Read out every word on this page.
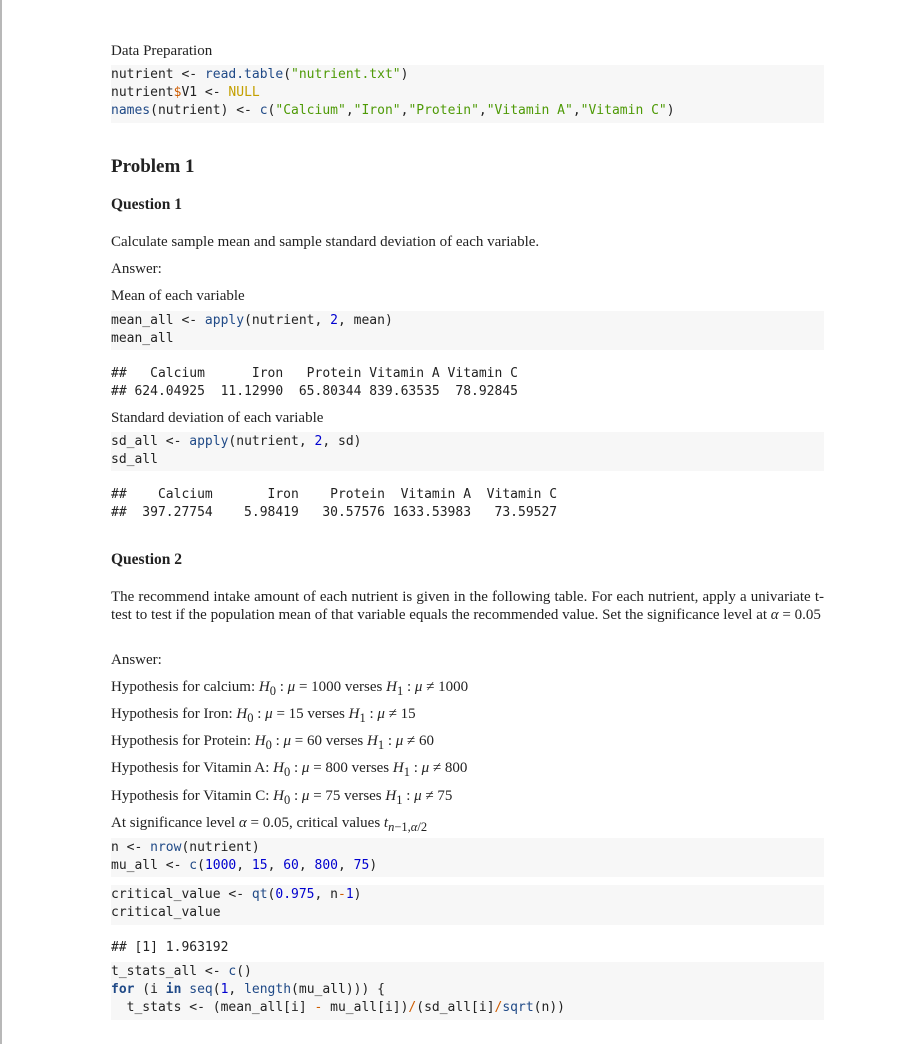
Data Preparation
nutrient <- read.table("nutrient.txt")
nutrient$V1 <- NULL
names(nutrient) <- c("Calcium","Iron","Protein","Vitamin A","Vitamin C")
Problem 1
Question 1
Calculate sample mean and sample standard deviation of each variable.
Answer:
Mean of each variable
mean_all <- apply(nutrient, 2, mean)
mean_all
##   Calcium      Iron   Protein Vitamin A Vitamin C
## 624.04925  11.12990  65.80344 839.63535  78.92845
Standard deviation of each variable
sd_all <- apply(nutrient, 2, sd)
sd_all
##    Calcium       Iron    Protein  Vitamin A  Vitamin C
##  397.27754    5.98419   30.57576 1633.53983   73.59527
Question 2
The recommend intake amount of each nutrient is given in the following table. For each nutrient, apply a univariate t-test to test if the population mean of that variable equals the recommended value. Set the significance level at α = 0.05
Answer:
Hypothesis for calcium: $H_0$ : μ = 1000 verses $H_1$ : μ ≠ 1000
Hypothesis for Iron: $H_0$ : μ = 15 verses $H_1$ : μ ≠ 15
Hypothesis for Protein: $H_0$ : μ = 60 verses $H_1$ : μ ≠ 60
Hypothesis for Vitamin A: $H_0$ : μ = 800 verses $H_1$ : μ ≠ 800
Hypothesis for Vitamin C: $H_0$ : μ = 75 verses $H_1$ : μ ≠ 75
At significance level α = 0.05, critical values $t_{n-1,\alpha/2}$
n <- nrow(nutrient)
mu_all <- c(1000, 15, 60, 800, 75)
critical_value <- qt(0.975, n-1)
critical_value
## [1] 1.963192
t_stats_all <- c()
for (i in seq(1, length(mu_all))) {
t_stats <- (mean_all[i] - mu_all[i])/(sd_all[i]/sqrt(n))
